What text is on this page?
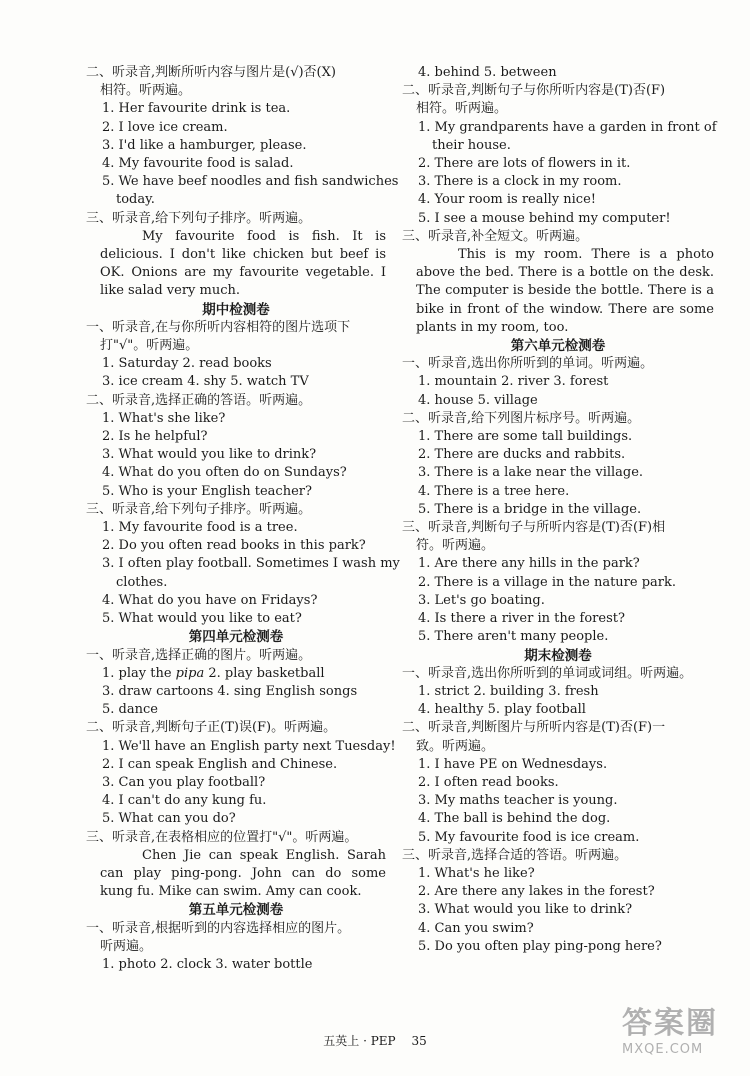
二、听录音,判断所听内容与图片是(√)否(X)
相符。听两遍。
1. Her favourite drink is tea.
2. I love ice cream.
3. I'd like a hamburger, please.
4. My favourite food is salad.
5. We have beef noodles and fish sandwiches
today.
三、听录音,给下列句子排序。听两遍。
My favourite food is fish. It is delicious. I don't like chicken but beef is OK. Onions are my favourite vegetable. I like salad very much.
期中检测卷
一、听录音,在与你所听内容相符的图片选项下
打"√"。听两遍。
1. Saturday 2. read books
3. ice cream 4. shy 5. watch TV
二、听录音,选择正确的答语。听两遍。
1. What's she like?
2. Is he helpful?
3. What would you like to drink?
4. What do you often do on Sundays?
5. Who is your English teacher?
三、听录音,给下列句子排序。听两遍。
1. My favourite food is a tree.
2. Do you often read books in this park?
3. I often play football. Sometimes I wash my
clothes.
4. What do you have on Fridays?
5. What would you like to eat?
第四单元检测卷
一、听录音,选择正确的图片。听两遍。
1. play the pipa 2. play basketball
3. draw cartoons 4. sing English songs
5. dance
二、听录音,判断句子正(T)误(F)。听两遍。
1. We'll have an English party next Tuesday!
2. I can speak English and Chinese.
3. Can you play football?
4. I can't do any kung fu.
5. What can you do?
三、听录音,在表格相应的位置打"√"。听两遍。
Chen Jie can speak English. Sarah can play ping-pong. John can do some kung fu. Mike can swim. Amy can cook.
第五单元检测卷
一、听录音,根据听到的内容选择相应的图片。
听两遍。
1. photo 2. clock 3. water bottle
4. behind 5. between
二、听录音,判断句子与你所听内容是(T)否(F)
相符。听两遍。
1. My grandparents have a garden in front of
their house.
2. There are lots of flowers in it.
3. There is a clock in my room.
4. Your room is really nice!
5. I see a mouse behind my computer!
三、听录音,补全短文。听两遍。
This is my room. There is a photo above the bed. There is a bottle on the desk. The computer is beside the bottle. There is a bike in front of the window. There are some plants in my room, too.
第六单元检测卷
一、听录音,选出你所听到的单词。听两遍。
1. mountain 2. river 3. forest
4. house 5. village
二、听录音,给下列图片标序号。听两遍。
1. There are some tall buildings.
2. There are ducks and rabbits.
3. There is a lake near the village.
4. There is a tree here.
5. There is a bridge in the village.
三、听录音,判断句子与所听内容是(T)否(F)相
符。听两遍。
1. Are there any hills in the park?
2. There is a village in the nature park.
3. Let's go boating.
4. Is there a river in the forest?
5. There aren't many people.
期末检测卷
一、听录音,选出你所听到的单词或词组。听两遍。
1. strict 2. building 3. fresh
4. healthy 5. play football
二、听录音,判断图片与所听内容是(T)否(F)一
致。听两遍。
1. I have PE on Wednesdays.
2. I often read books.
3. My maths teacher is young.
4. The ball is behind the dog.
5. My favourite food is ice cream.
三、听录音,选择合适的答语。听两遍。
1. What's he like?
2. Are there any lakes in the forest?
3. What would you like to drink?
4. Can you swim?
5. Do you often play ping-pong here?
五英上 · PEP 35	答案圈
MXQE.COM
